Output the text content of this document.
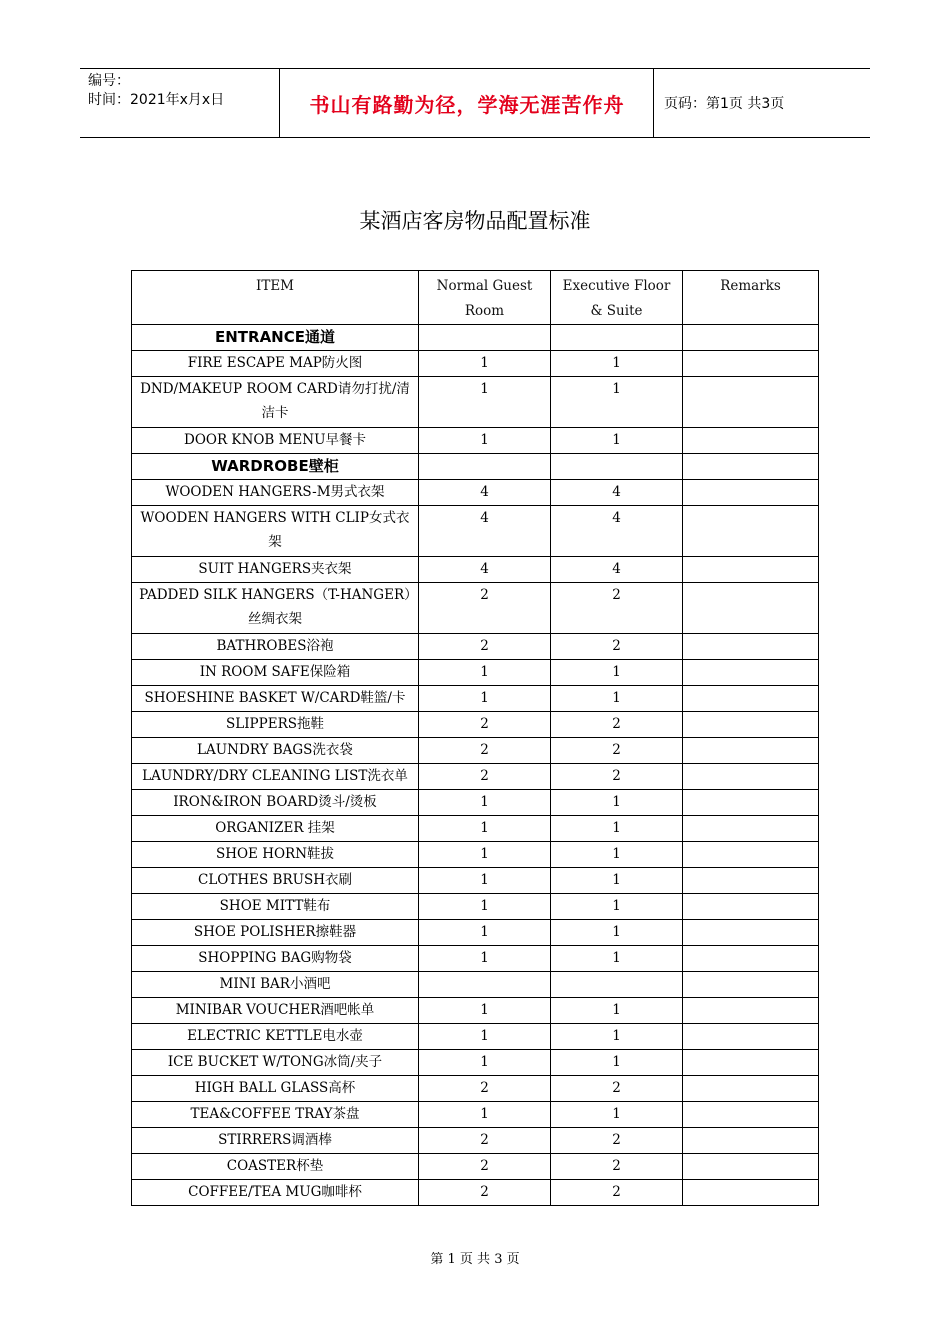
编号：
时间：2021年x月x日	书山有路勤为径，学海无涯苦作舟	页码：第1页 共3页
某酒店客房物品配置标准
ITEM	Normal Guest Room	Executive Floor & Suite	Remarks
ENTRANCE通道			
FIRE ESCAPE MAP防火图	1	1	
DND/MAKEUP ROOM CARD请勿打扰/清洁卡	1	1	
DOOR KNOB MENU早餐卡	1	1	
WARDROBE壁柜			
WOODEN HANGERS-M男式衣架	4	4	
WOODEN HANGERS WITH CLIP女式衣架	4	4	
SUIT HANGERS夹衣架	4	4	
PADDED SILK HANGERS（T-HANGER）丝绸衣架	2	2	
BATHROBES浴袍	2	2	
IN ROOM SAFE保险箱	1	1	
SHOESHINE BASKET W/CARD鞋篮/卡	1	1	
SLIPPERS拖鞋	2	2	
LAUNDRY BAGS洗衣袋	2	2	
LAUNDRY/DRY CLEANING LIST洗衣单	2	2	
IRON&IRON BOARD烫斗/烫板	1	1	
ORGANIZER 挂架	1	1	
SHOE HORN鞋拔	1	1	
CLOTHES BRUSH衣刷	1	1	
SHOE MITT鞋布	1	1	
SHOE POLISHER擦鞋器	1	1	
SHOPPING BAG购物袋	1	1	
MINI BAR小酒吧			
MINIBAR VOUCHER酒吧帐单	1	1	
ELECTRIC KETTLE电水壶	1	1	
ICE BUCKET W/TONG冰筒/夹子	1	1	
HIGH BALL GLASS高杯	2	2	
TEA&COFFEE TRAY茶盘	1	1	
STIRRERS调酒棒	2	2	
COASTER杯垫	2	2	
COFFEE/TEA MUG咖啡杯	2	2	
第 1 页 共 3 页
